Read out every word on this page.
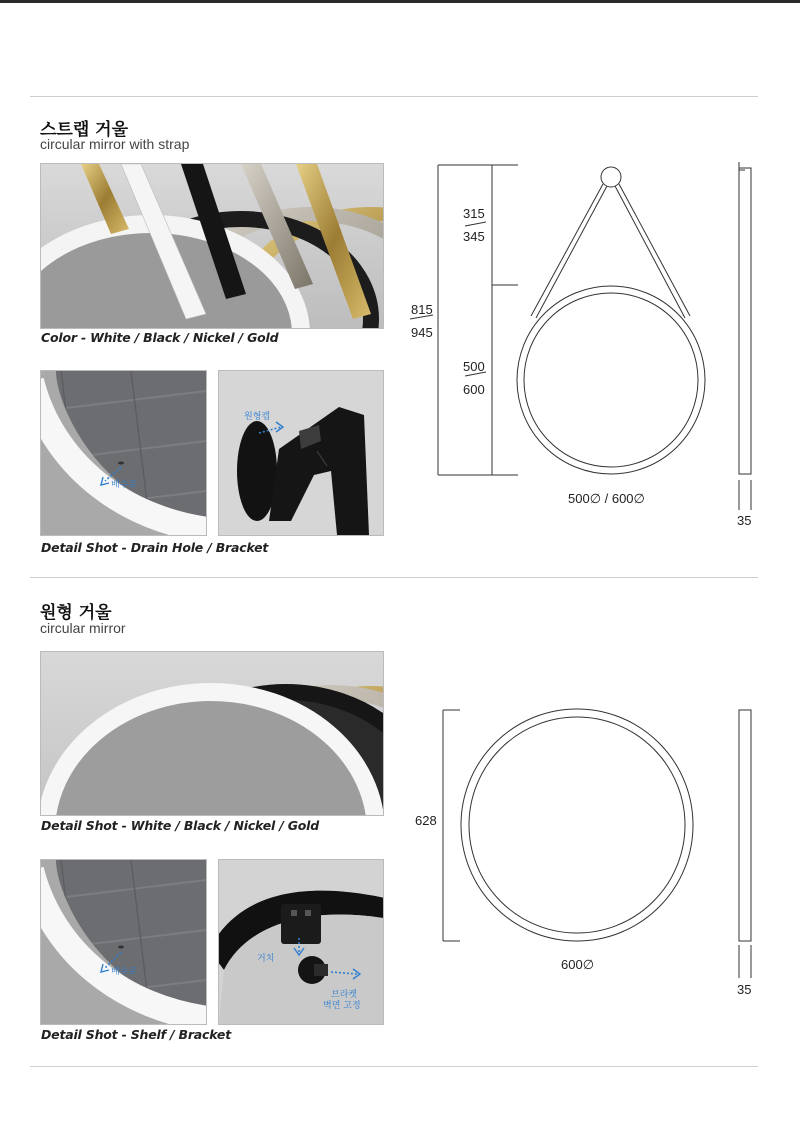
스트랩 거울
circular mirror with strap
Color - White / Black / Nickel / Gold
배수로
원형캡
Detail Shot - Drain Hole / Bracket
315
345
815
945
500
600
500∅ / 600∅
35
원형 거울
circular mirror
Detail Shot - White / Black / Nickel / Gold
배수로
거치
브라켓
벽면 고정
Detail Shot - Shelf / Bracket
628
600∅
35
